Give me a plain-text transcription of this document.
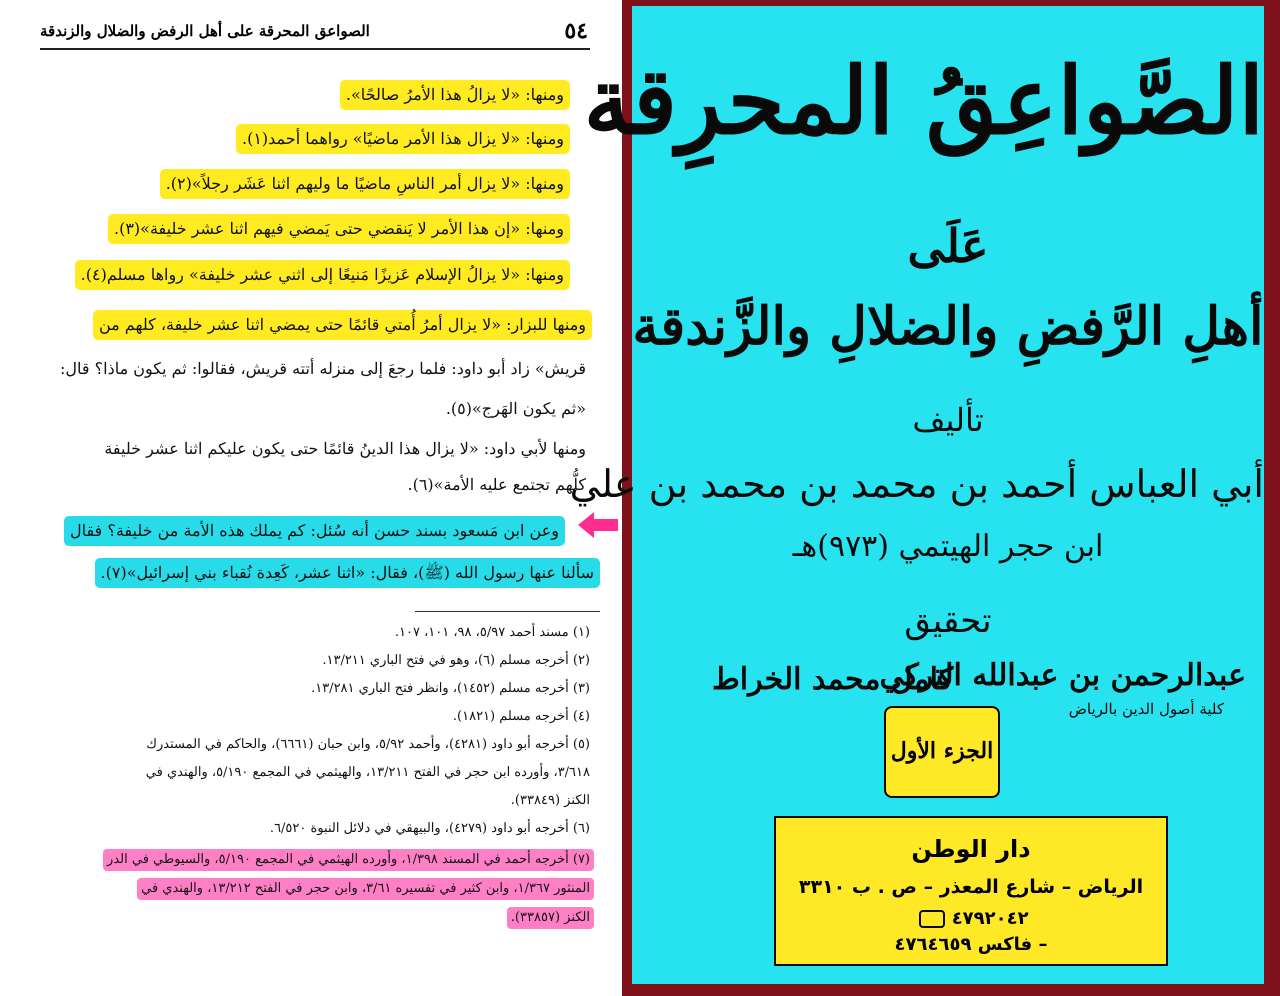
٥٤
الصواعق المحرقة على أهل الرفض والضلال والزندقة
ومنها: «لا يزالُ هذا الأمرُ صالحًا».
ومنها: «لا يزال هذا الأمر ماضيًا» رواهما أحمد(١).
ومنها: «لا يزال أمر الناسِ ماضيًا ما وليهم اثنا عَشَر رجلاً»(٢).
ومنها: «إن هذا الأمر لا يَنقضي حتى يَمضي فيهم اثنا عشر خليفة»(٣).
ومنها: «لا يزالُ الإسلام عَزيزًا مَنيعًا إلى اثني عشر خليفة» رواها مسلم(٤).
ومنها للبزار: «لا يزال أمرُ أُمتي قائمًا حتى يمضي اثنا عشر خليفة، كلهم من
قريش» زاد أبو داود: فلما رجعَ إلى منزله أتته قريش، فقالوا: ثم يكون ماذا؟ قال:
«ثم يكون الهَرج»(٥).
ومنها لأبي داود: «لا يزال هذا الدينُ قائمًا حتى يكون عليكم اثنا عشر خليفة
كلُّهم تجتمع عليه الأمة»(٦).
وعن ابن مَسعود بسند حسن أنه سُئل: كم يملك هذه الأمة من خليفة؟ فقال
سألنا عنها رسول الله (ﷺ)، فقال: «اثنا عشر، كَعِدة نُقباء بني إسرائيل»(٧).
(١) مسند أحمد ٥/٩٧، ٩٨، ١٠١، ١٠٧.
(٢) أخرجه مسلم (٦)، وهو في فتح الباري ١٣/٢١١.
(٣) أخرجه مسلم (١٤٥٢)، وانظر فتح الباري ١٣/٢٨١.
(٤) أخرجه مسلم (١٨٢١).
(٥) أخرجه أبو داود (٤٢٨١)، وأحمد ٥/٩٢، وابن حبان (٦٦٦١)، والحاكم في المستدرك
٣/٦١٨، وأورده ابن حجر في الفتح ١٣/٢١١، والهيثمي في المجمع ٥/١٩٠، والهندي في
الكنز (٣٣٨٤٩).
(٦) أخرجه أبو داود (٤٢٧٩)، والبيهقي في دلائل النبوة ٦/٥٢٠.
(٧) أخرجه أحمد في المسند ١/٣٩٨، وأورده الهيثمي في المجمع ٥/١٩٠، والسيوطي في الدر
المنثور ١/٣٦٧، وابن كثير في تفسيره ٣/٦١، وابن حجر في الفتح ١٣/٢١٢، والهندي في
الكنز (٣٣٨٥٧).
الصَّواعِقُ المحرِقة
عَلَى
أهلِ الرَّفضِ والضلالِ والزَّندقة
تأليف
أبي العباس أحمد بن محمد بن محمد بن علي
ابن حجر الهيتمي (٩٧٣)هـ
تحقيق
عبدالرحمن بن عبدالله التركي
كلية أصول الدين بالرياض
كامل محمد الخراط
الجزء الأول
دار الوطن
الرياض – شارع المعذر – ص . ب ٣٣١٠
٤٧٩٢٠٤٢
– فاكس ٤٧٦٤٦٥٩
